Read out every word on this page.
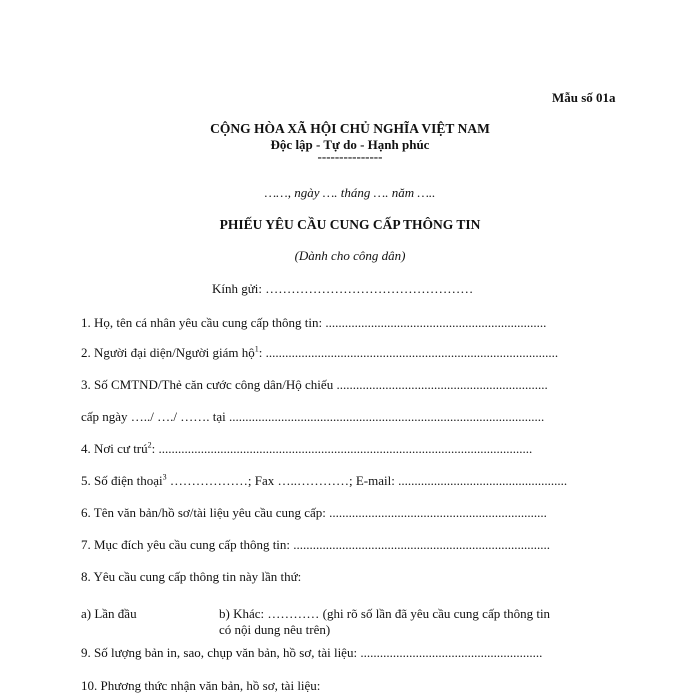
Mẫu số 01a
CỘNG HÒA XÃ HỘI CHỦ NGHĨA VIỆT NAM
Độc lập - Tự do - Hạnh phúc
---------------
……, ngày …. tháng …. năm …..
PHIẾU YÊU CẦU CUNG CẤP THÔNG TIN
(Dành cho công dân)
Kính gửi: …………………………………………
1. Họ, tên cá nhân yêu cầu cung cấp thông tin: ....................................................................
2. Người đại diện/Người giám hộ$^1$: ..........................................................................................
3. Số CMTND/Thẻ căn cước công dân/Hộ chiếu .................................................................
cấp ngày …../ …./ ……. tại .................................................................................................
4. Nơi cư trú$^2$: ...................................................................................................................
5. Số điện thoại$^3$ ………………; Fax …..…………; E-mail: ....................................................
6. Tên văn bản/hồ sơ/tài liệu yêu cầu cung cấp: ...................................................................
7. Mục đích yêu cầu cung cấp thông tin: ...............................................................................
8. Yêu cầu cung cấp thông tin này lần thứ:
a) Lần đầu	b) Khác: ………… (ghi rõ số lần đã yêu cầu cung cấp thông tin
có nội dung nêu trên)
9. Số lượng bản in, sao, chụp văn bản, hồ sơ, tài liệu: ........................................................
10. Phương thức nhận văn bản, hồ sơ, tài liệu:
